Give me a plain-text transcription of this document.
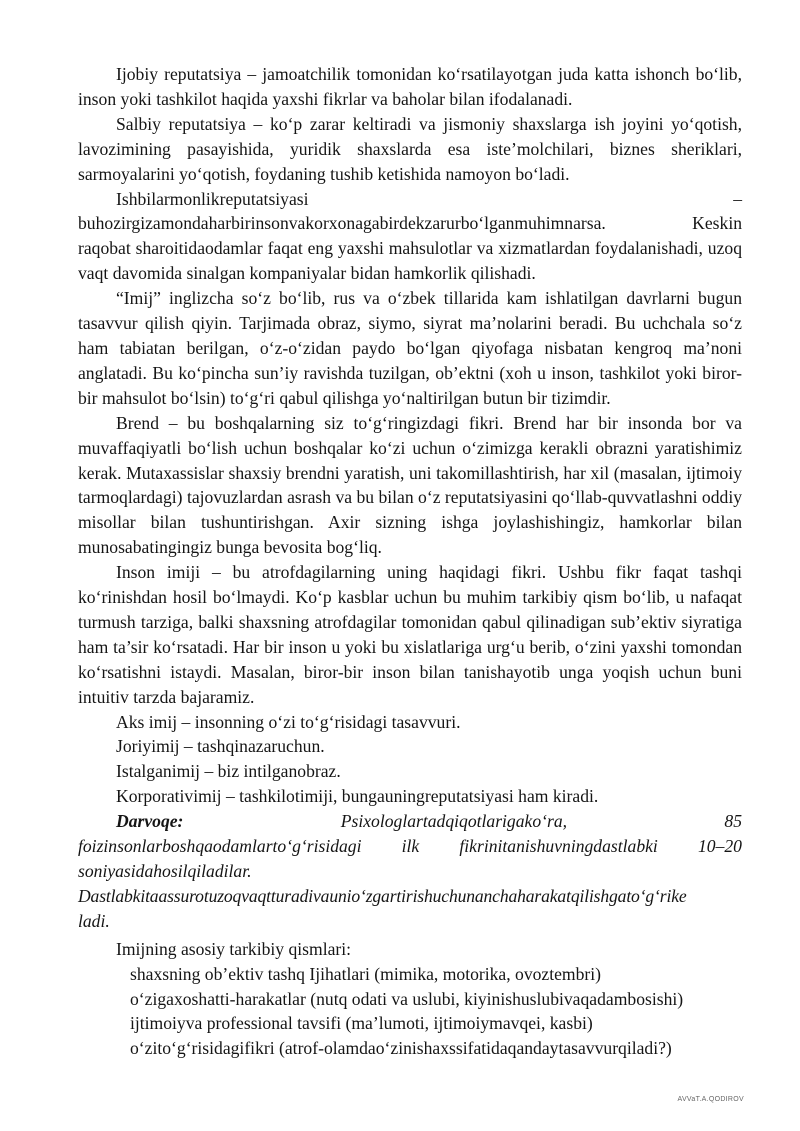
Ijobiy reputatsiya – jamoatchilik tomonidan ko‘rsatilayotgan juda katta ishonch bo‘lib, inson yoki tashkilot haqida yaxshi fikrlar va baholar bilan ifodalanadi.

Salbiy reputatsiya – ko‘p zarar keltiradi va jismoniy shaxslarga ish joyini yo‘qotish, lavozimining pasayishida, yuridik shaxslarda esa iste’molchilari, biznes sheriklari, sarmoyalarini yo‘qotish, foydaning tushib ketishida namoyon bo‘ladi.

Ishbilarmonlikreputatsiyasi	–
buhozirgizamondaharbirinsonvakorxonagabirdekzarurbo‘lganmuhimnarsa.	Keskin

raqobat sharoitidaodamlar faqat eng yaxshi mahsulotlar va xizmatlardan foydalanishadi, uzoq vaqt davomida sinalgan kompaniyalar bidan hamkorlik qilishadi.

“Imij” inglizcha so‘z bo‘lib, rus va o‘zbek tillarida kam ishlatilgan davrlarni bugun tasavvur qilish qiyin. Tarjimada obraz, siymo, siyrat ma’nolarini beradi. Bu uchchala so‘z ham tabiatan berilgan, o‘z-o‘zidan paydo bo‘lgan qiyofaga nisbatan kengroq ma’noni anglatadi. Bu ko‘pincha sun’iy ravishda tuzilgan, ob’ektni (xoh u inson, tashkilot yoki biror-bir mahsulot bo‘lsin) to‘g‘ri qabul qilishga yo‘naltirilgan butun bir tizimdir.

Brend – bu boshqalarning siz to‘g‘ringizdagi fikri. Brend har bir insonda bor va muvaffaqiyatli bo‘lish uchun boshqalar ko‘zi uchun o‘zimizga kerakli obrazni yaratishimiz kerak. Mutaxassislar shaxsiy brendni yaratish, uni takomillashtirish, har xil (masalan, ijtimoiy tarmoqlardagi) tajovuzlardan asrash va bu bilan o‘z reputatsiyasini qo‘llab-quvvatlashni oddiy misollar bilan tushuntirishgan. Axir sizning ishga joylashishingiz, hamkorlar bilan munosabatingingiz bunga bevosita bog‘liq.

Inson imiji – bu atrofdagilarning uning haqidagi fikri. Ushbu fikr faqat tashqi ko‘rinishdan hosil bo‘lmaydi. Ko‘p kasblar uchun bu muhim tarkibiy qism bo‘lib, u nafaqat turmush tarziga, balki shaxsning atrofdagilar tomonidan qabul qilinadigan sub’ektiv siyratiga ham ta’sir ko‘rsatadi. Har bir inson u yoki bu xislatlariga urg‘u berib, o‘zini yaxshi tomondan ko‘rsatishni istaydi. Masalan, biror-bir inson bilan tanishayotib unga yoqish uchun buni intuitiv tarzda bajaramiz.

Aks imij – insonning o‘zi to‘g‘risidagi tasavvuri.

Joriyimij – tashqinazaruchun.

Istalganimij – biz intilganobraz.

Korporativimij – tashkilotimiji, bungauningreputatsiyasi ham kiradi.

Darvoqe:	Psixologlartadqiqotlarigako‘ra,	85
foizinsonlarboshqaodamlarto‘g‘risidagi ilk fikrinitanishuvningdastlabki 10–20

soniyasidahosilqiladilar.

Dastlabkitaassurotuzoqvaqtturadivaunio‘zgartirishuchunanchaharakatqilishgato‘g‘rike

ladi.

Imijning asosiy tarkibiy qismlari:

shaxsning ob’ektiv tashq Ijihatlari (mimika, motorika, ovoztembri)

o‘zigaxoshatti-harakatlar (nutq odati va uslubi, kiyinishuslubivaqadambosishi)

ijtimoiyva professional tavsifi (ma’lumoti, ijtimoiymavqei, kasbi)

o‘zito‘g‘risidagifikri (atrof-olamdao‘zinishaxssifatidaqandaytasavvurqiladi?)

AVVaT.A.QODIROV
